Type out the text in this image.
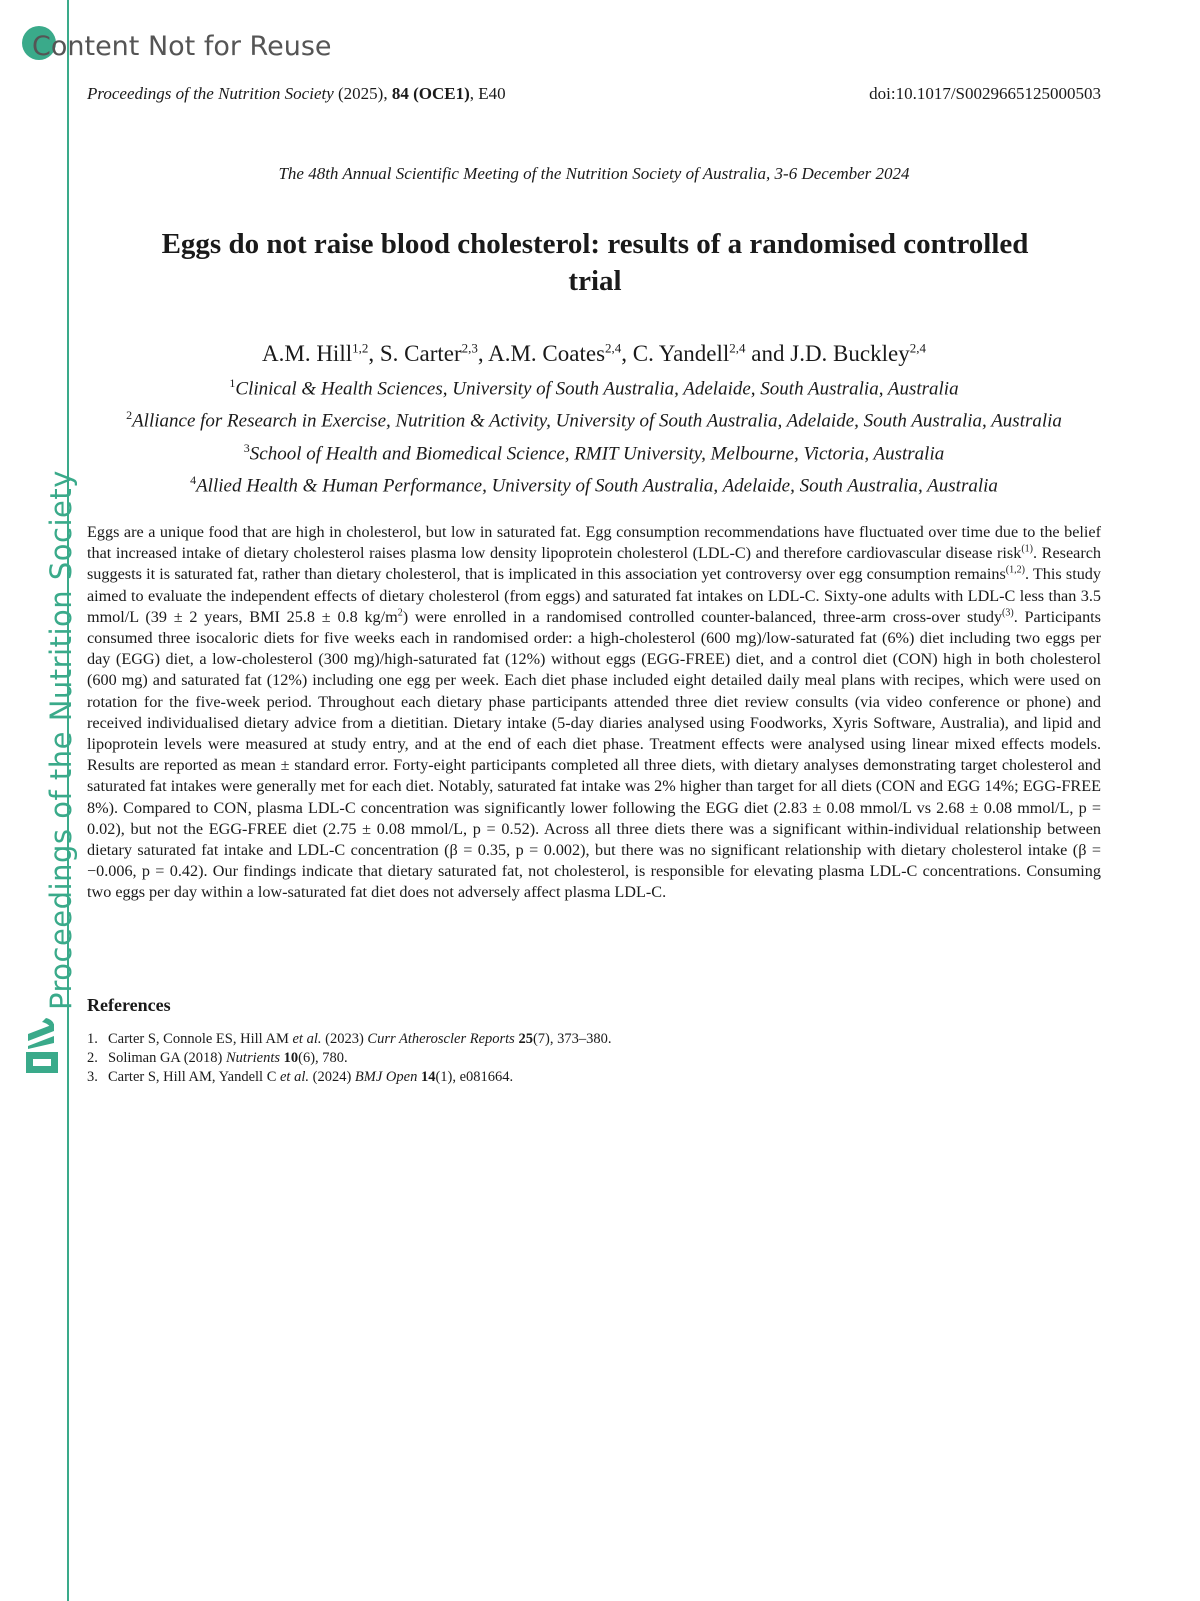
Proceedings of the Nutrition Society
Content Not for Reuse
Proceedings of the Nutrition Society (2025), 84 (OCE1), E40	doi:10.1017/S0029665125000503
The 48th Annual Scientific Meeting of the Nutrition Society of Australia, 3-6 December 2024
Eggs do not raise blood cholesterol: results of a randomised controlled trial
A.M. Hill$^{1,2}$, S. Carter$^{2,3}$, A.M. Coates$^{2,4}$, C. Yandell$^{2,4}$ and J.D. Buckley$^{2,4}$
$^1$Clinical & Health Sciences, University of South Australia, Adelaide, South Australia, Australia
$^2$Alliance for Research in Exercise, Nutrition & Activity, University of South Australia, Adelaide, South Australia, Australia
$^3$School of Health and Biomedical Science, RMIT University, Melbourne, Victoria, Australia
$^4$Allied Health & Human Performance, University of South Australia, Adelaide, South Australia, Australia
Eggs are a unique food that are high in cholesterol, but low in saturated fat. Egg consumption recommendations have fluctuated over time due to the belief that increased intake of dietary cholesterol raises plasma low density lipoprotein cholesterol (LDL-C) and therefore cardiovascular disease risk$^{(1)}$. Research suggests it is saturated fat, rather than dietary cholesterol, that is implicated in this association yet controversy over egg consumption remains$^{(1,2)}$. This study aimed to evaluate the independent effects of dietary cholesterol (from eggs) and saturated fat intakes on LDL-C. Sixty-one adults with LDL-C less than 3.5 mmol/L (39 ± 2 years, BMI 25.8 ± 0.8 $kg/m^2$) were enrolled in a randomised controlled counter-balanced, three-arm cross-over study$^{(3)}$. Participants consumed three isocaloric diets for five weeks each in randomised order: a high-cholesterol (600 mg)/low-saturated fat (6%) diet including two eggs per day (EGG) diet, a low-cholesterol (300 mg)/high-saturated fat (12%) without eggs (EGG-FREE) diet, and a control diet (CON) high in both cholesterol (600 mg) and saturated fat (12%) including one egg per week. Each diet phase included eight detailed daily meal plans with recipes, which were used on rotation for the five-week period. Throughout each dietary phase participants attended three diet review consults (via video conference or phone) and received individualised dietary advice from a dietitian. Dietary intake (5-day diaries analysed using Foodworks, Xyris Software, Australia), and lipid and lipoprotein levels were measured at study entry, and at the end of each diet phase. Treatment effects were analysed using linear mixed effects models. Results are reported as mean ± standard error. Forty-eight participants completed all three diets, with dietary analyses demonstrating target cholesterol and saturated fat intakes were generally met for each diet. Notably, saturated fat intake was 2% higher than target for all diets (CON and EGG 14%; EGG-FREE 8%). Compared to CON, plasma LDL-C concentration was significantly lower following the EGG diet (2.83 ± 0.08 mmol/L vs 2.68 ± 0.08 mmol/L, p = 0.02), but not the EGG-FREE diet (2.75 ± 0.08 mmol/L, p = 0.52). Across all three diets there was a significant within-individual relationship between dietary saturated fat intake and LDL-C concentration (β = 0.35, p = 0.002), but there was no significant relationship with dietary cholesterol intake (β = −0.006, p = 0.42). Our findings indicate that dietary saturated fat, not cholesterol, is responsible for elevating plasma LDL-C concentrations. Consuming two eggs per day within a low-saturated fat diet does not adversely affect plasma LDL-C.
References
1. Carter S, Connole ES, Hill AM et al. (2023) Curr Atheroscler Reports 25(7), 373–380.
2. Soliman GA (2018) Nutrients 10(6), 780.
3. Carter S, Hill AM, Yandell C et al. (2024) BMJ Open 14(1), e081664.
